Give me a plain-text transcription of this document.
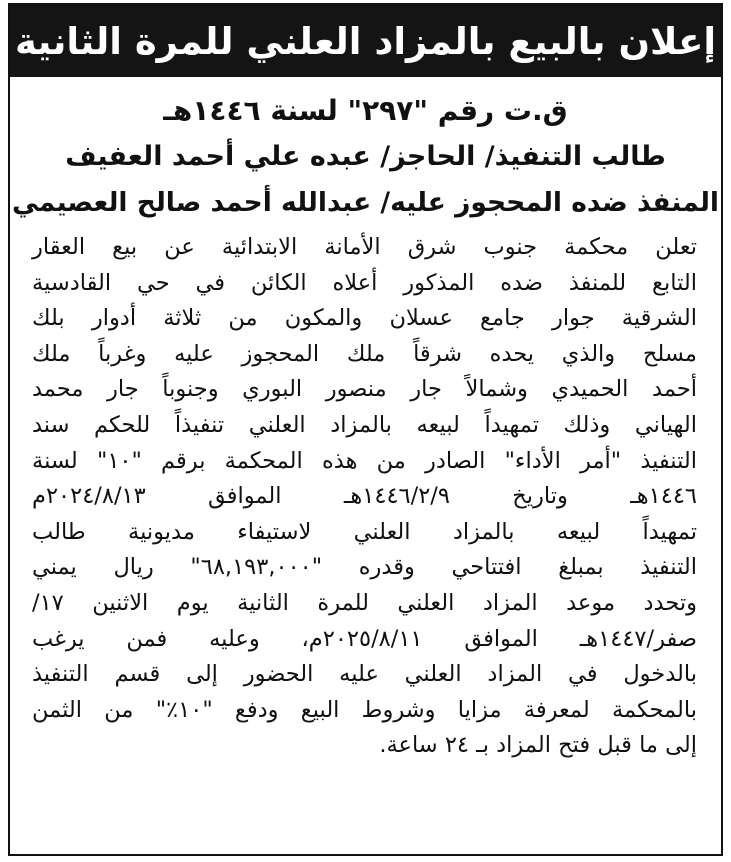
إعلان بالبيع بالمزاد العلني للمرة الثانية
ق.ت رقم "٢٩٧" لسنة ١٤٤٦هـ
طالب التنفيذ/ الحاجز/ عبده علي أحمد العفيف
المنفذ ضده المحجوز عليه/ عبدالله أحمد صالح العصيمي
تعلن محكمة جنوب شرق الأمانة الابتدائية عن بيع العقار
التابع للمنفذ ضده المذكور أعلاه الكائن في حي القادسية
الشرقية جوار جامع عسلان والمكون من ثلاثة أدوار بلك
مسلح والذي يحده شرقاً ملك المحجوز عليه وغرباً ملك
أحمد الحميدي وشمالاً جار منصور البوري وجنوباً جار محمد
الهياني وذلك تمهيداً لبيعه بالمزاد العلني تنفيذاً للحكم سند
التنفيذ "أمر الأداء" الصادر من هذه المحكمة برقم "١٠" لسنة
١٤٤٦هـ وتاريخ ١٤٤٦/٢/٩هـ الموافق ٢٠٢٤/٨/١٣م
تمهيداً لبيعه بالمزاد العلني لاستيفاء مديونية طالب
التنفيذ بمبلغ افتتاحي وقدره "٦٨,١٩٣,٠٠٠" ريال يمني
وتحدد موعد المزاد العلني للمرة الثانية يوم الاثنين ١٧/
صفر/١٤٤٧هـ الموافق ٢٠٢٥/٨/١١م، وعليه فمن يرغب
بالدخول في المزاد العلني عليه الحضور إلى قسم التنفيذ
بالمحكمة لمعرفة مزايا وشروط البيع ودفع "١٠٪" من الثمن
إلى ما قبل فتح المزاد بـ ٢٤ ساعة.
